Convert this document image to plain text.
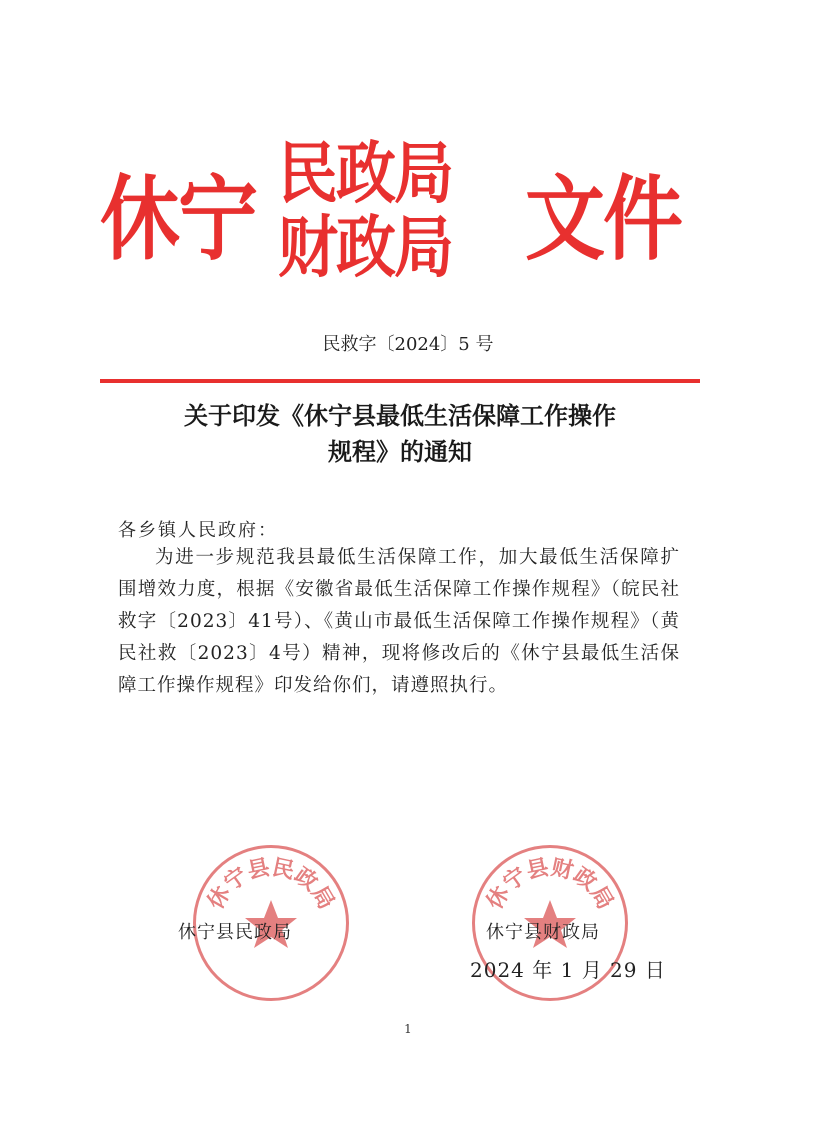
休宁 民政局
财政局 文件
民救字〔2024〕5 号
关于印发《休宁县最低生活保障工作操作
规程》的通知
各乡镇人民政府：
为进一步规范我县最低生活保障工作，加大最低生活保障扩围增效力度，根据《安徽省最低生活保障工作操作规程》（皖民社救字〔2023〕41号）、《黄山市最低生活保障工作操作规程》（黄民社救〔2023〕4号）精神，现将修改后的《休宁县最低生活保障工作操作规程》印发给你们，请遵照执行。
休宁县民政局	休宁县财政局
休宁县民政局	休宁县财政局
2024 年 1 月 29 日
1
